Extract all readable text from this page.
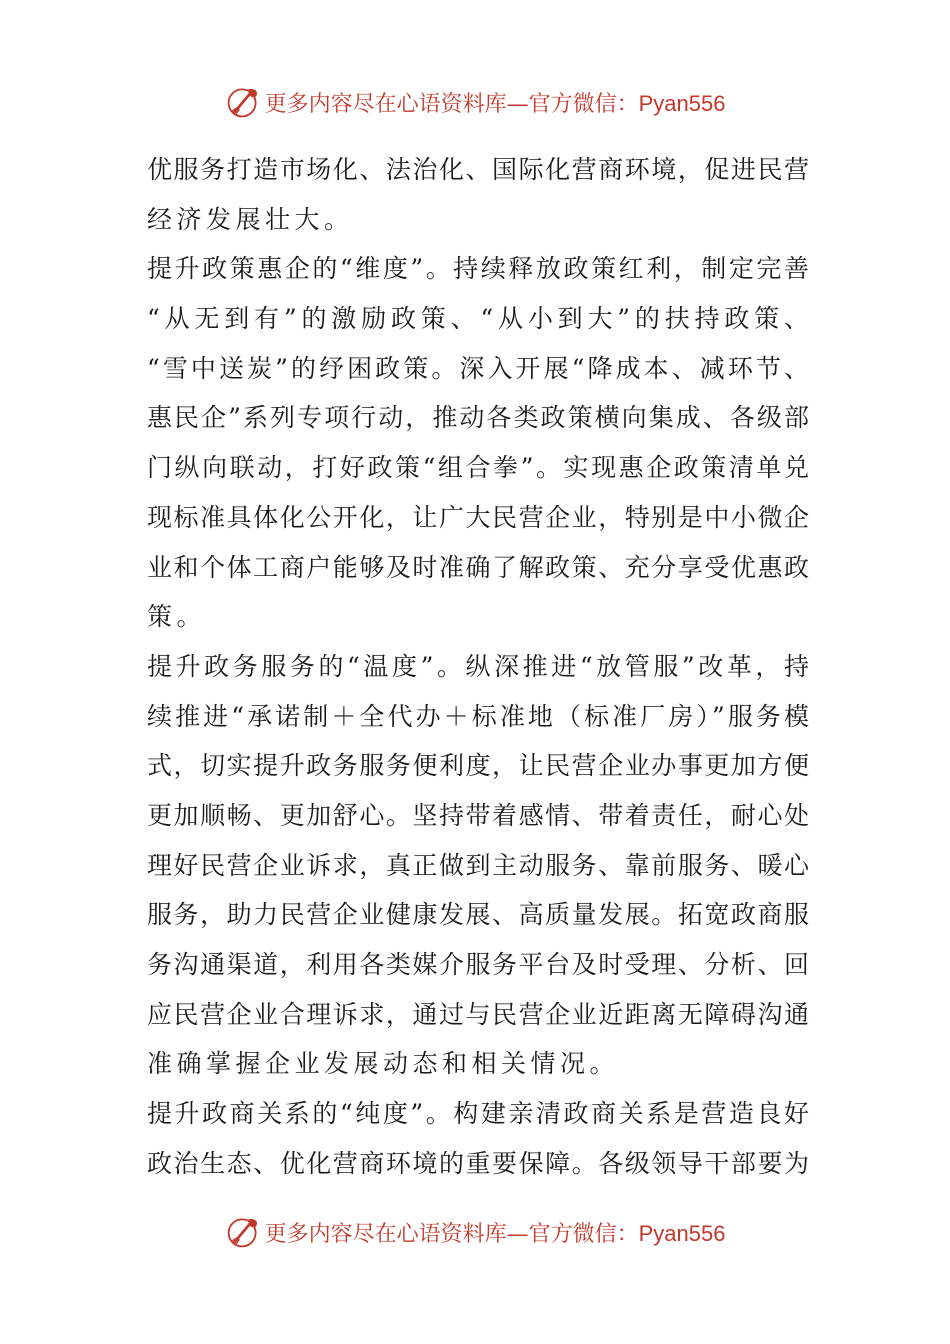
更多内容尽在心语资料库—官方微信：Pyan556
优服务打造市场化、法治化、国际化营商环境，促进民营
经济发展壮大。
提升政策惠企的“维度”。持续释放政策红利，制定完善
“从无到有”的激励政策、“从小到大”的扶持政策、
“雪中送炭”的纾困政策。深入开展“降成本、减环节、
惠民企”系列专项行动，推动各类政策横向集成、各级部
门纵向联动，打好政策“组合拳”。实现惠企政策清单兑
现标准具体化公开化，让广大民营企业，特别是中小微企
业和个体工商户能够及时准确了解政策、充分享受优惠政
策。
提升政务服务的“温度”。纵深推进“放管服”改革，持
续推进“承诺制＋全代办＋标准地（标准厂房）”服务模
式，切实提升政务服务便利度，让民营企业办事更加方便
更加顺畅、更加舒心。坚持带着感情、带着责任，耐心处
理好民营企业诉求，真正做到主动服务、靠前服务、暖心
服务，助力民营企业健康发展、高质量发展。拓宽政商服
务沟通渠道，利用各类媒介服务平台及时受理、分析、回
应民营企业合理诉求，通过与民营企业近距离无障碍沟通
准确掌握企业发展动态和相关情况。
提升政商关系的“纯度”。构建亲清政商关系是营造良好
政治生态、优化营商环境的重要保障。各级领导干部要为
更多内容尽在心语资料库—官方微信：Pyan556
